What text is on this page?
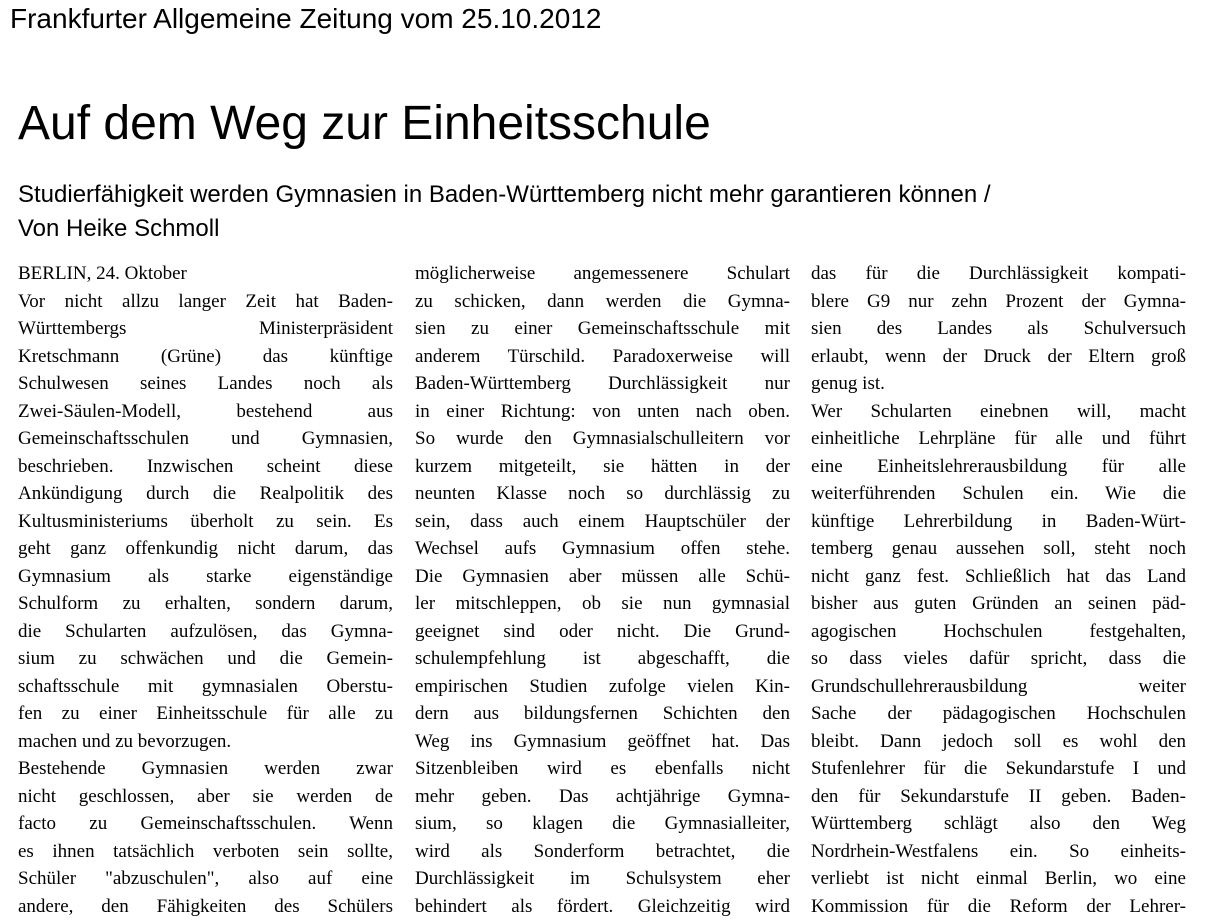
Frankfurter Allgemeine Zeitung vom 25.10.2012
Auf dem Weg zur Einheitsschule
Studierfähigkeit werden Gymnasien in Baden-Württemberg nicht mehr garantieren können /
Von Heike Schmoll
BERLIN, 24. Oktober
Vor nicht allzu langer Zeit hat Baden-
Württembergs Ministerpräsident
Kretschmann (Grüne) das künftige
Schulwesen seines Landes noch als
Zwei-Säulen-Modell, bestehend aus
Gemeinschaftsschulen und Gymnasien,
beschrieben. Inzwischen scheint diese
Ankündigung durch die Realpolitik des
Kultusministeriums überholt zu sein. Es
geht ganz offenkundig nicht darum, das
Gymnasium als starke eigenständige
Schulform zu erhalten, sondern darum,
die Schularten aufzulösen, das Gymna-
sium zu schwächen und die Gemein-
schaftsschule mit gymnasialen Oberstu-
fen zu einer Einheitsschule für alle zu
machen und zu bevorzugen.
Bestehende Gymnasien werden zwar
nicht geschlossen, aber sie werden de
facto zu Gemeinschaftsschulen. Wenn
es ihnen tatsächlich verboten sein sollte,
Schüler "abzuschulen", also auf eine
andere, den Fähigkeiten des Schülers
möglicherweise angemessenere Schulart
zu schicken, dann werden die Gymna-
sien zu einer Gemeinschaftsschule mit
anderem Türschild. Paradoxerweise will
Baden-Württemberg Durchlässigkeit nur
in einer Richtung: von unten nach oben.
So wurde den Gymnasialschulleitern vor
kurzem mitgeteilt, sie hätten in der
neunten Klasse noch so durchlässig zu
sein, dass auch einem Hauptschüler der
Wechsel aufs Gymnasium offen stehe.
Die Gymnasien aber müssen alle Schü-
ler mitschleppen, ob sie nun gymnasial
geeignet sind oder nicht. Die Grund-
schulempfehlung ist abgeschafft, die
empirischen Studien zufolge vielen Kin-
dern aus bildungsfernen Schichten den
Weg ins Gymnasium geöffnet hat. Das
Sitzenbleiben wird es ebenfalls nicht
mehr geben. Das achtjährige Gymna-
sium, so klagen die Gymnasialleiter,
wird als Sonderform betrachtet, die
Durchlässigkeit im Schulsystem eher
behindert als fördert. Gleichzeitig wird
das für die Durchlässigkeit kompati-
blere G9 nur zehn Prozent der Gymna-
sien des Landes als Schulversuch
erlaubt, wenn der Druck der Eltern groß
genug ist.
Wer Schularten einebnen will, macht
einheitliche Lehrpläne für alle und führt
eine Einheitslehrerausbildung für alle
weiterführenden Schulen ein. Wie die
künftige Lehrerbildung in Baden-Würt-
temberg genau aussehen soll, steht noch
nicht ganz fest. Schließlich hat das Land
bisher aus guten Gründen an seinen päd-
agogischen Hochschulen festgehalten,
so dass vieles dafür spricht, dass die
Grundschullehrerausbildung weiter
Sache der pädagogischen Hochschulen
bleibt. Dann jedoch soll es wohl den
Stufenlehrer für die Sekundarstufe I und
den für Sekundarstufe II geben. Baden-
Württemberg schlägt also den Weg
Nordrhein-Westfalens ein. So einheits-
verliebt ist nicht einmal Berlin, wo eine
Kommission für die Reform der Lehrer-
